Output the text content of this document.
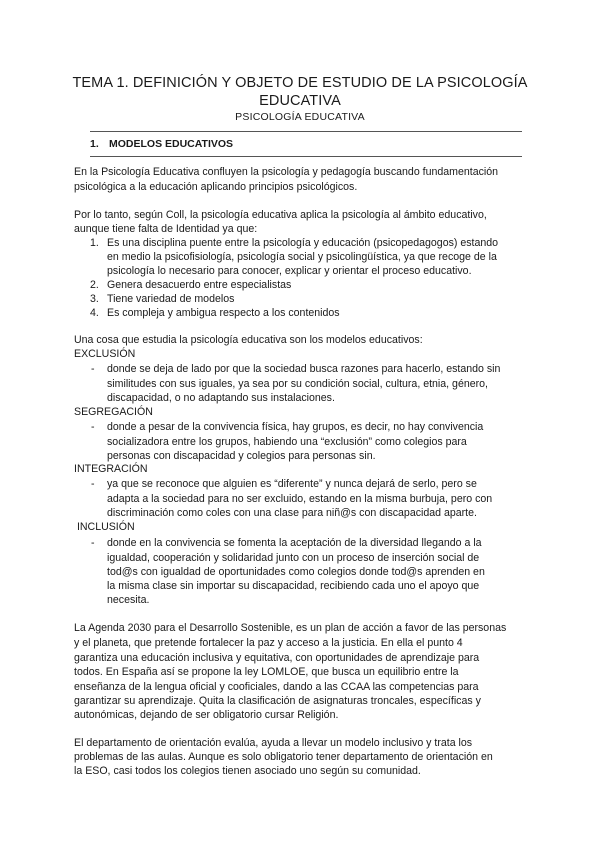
TEMA 1. DEFINICIÓN Y OBJETO DE ESTUDIO DE LA PSICOLOGÍA
EDUCATIVA
PSICOLOGÍA EDUCATIVA
1. MODELOS EDUCATIVOS
En la Psicología Educativa confluyen la psicología y pedagogía buscando fundamentación
psicológica a la educación aplicando principios psicológicos.
Por lo tanto, según Coll, la psicología educativa aplica la psicología al ámbito educativo,
aunque tiene falta de Identidad ya que:
1. Es una disciplina puente entre la psicología y educación (psicopedagogos) estando
en medio la psicofisiología, psicología social y psicolingüística, ya que recoge de la
psicología lo necesario para conocer, explicar y orientar el proceso educativo.
2. Genera desacuerdo entre especialistas
3. Tiene variedad de modelos
4. Es compleja y ambigua respecto a los contenidos
Una cosa que estudia la psicología educativa son los modelos educativos:
EXCLUSIÓN
- donde se deja de lado por que la sociedad busca razones para hacerlo, estando sin
similitudes con sus iguales, ya sea por su condición social, cultura, etnia, género,
discapacidad, o no adaptando sus instalaciones.
SEGREGACIÓN
- donde a pesar de la convivencia física, hay grupos, es decir, no hay convivencia
socializadora entre los grupos, habiendo una “exclusión” como colegios para
personas con discapacidad y colegios para personas sin.
INTEGRACIÓN
- ya que se reconoce que alguien es “diferente” y nunca dejará de serlo, pero se
adapta a la sociedad para no ser excluido, estando en la misma burbuja, pero con
discriminación como coles con una clase para niñ@s con discapacidad aparte.
INCLUSIÓN
- donde en la convivencia se fomenta la aceptación de la diversidad llegando a la
igualdad, cooperación y solidaridad junto con un proceso de inserción social de
tod@s con igualdad de oportunidades como colegios donde tod@s aprenden en
la misma clase sin importar su discapacidad, recibiendo cada uno el apoyo que
necesita.
La Agenda 2030 para el Desarrollo Sostenible, es un plan de acción a favor de las personas
y el planeta, que pretende fortalecer la paz y acceso a la justicia. En ella el punto 4
garantiza una educación inclusiva y equitativa, con oportunidades de aprendizaje para
todos. En España así se propone la ley LOMLOE, que busca un equilibrio entre la
enseñanza de la lengua oficial y cooficiales, dando a las CCAA las competencias para
garantizar su aprendizaje. Quita la clasificación de asignaturas troncales, específicas y
autonómicas, dejando de ser obligatorio cursar Religión.
El departamento de orientación evalúa, ayuda a llevar un modelo inclusivo y trata los
problemas de las aulas. Aunque es solo obligatorio tener departamento de orientación en
la ESO, casi todos los colegios tienen asociado uno según su comunidad.
